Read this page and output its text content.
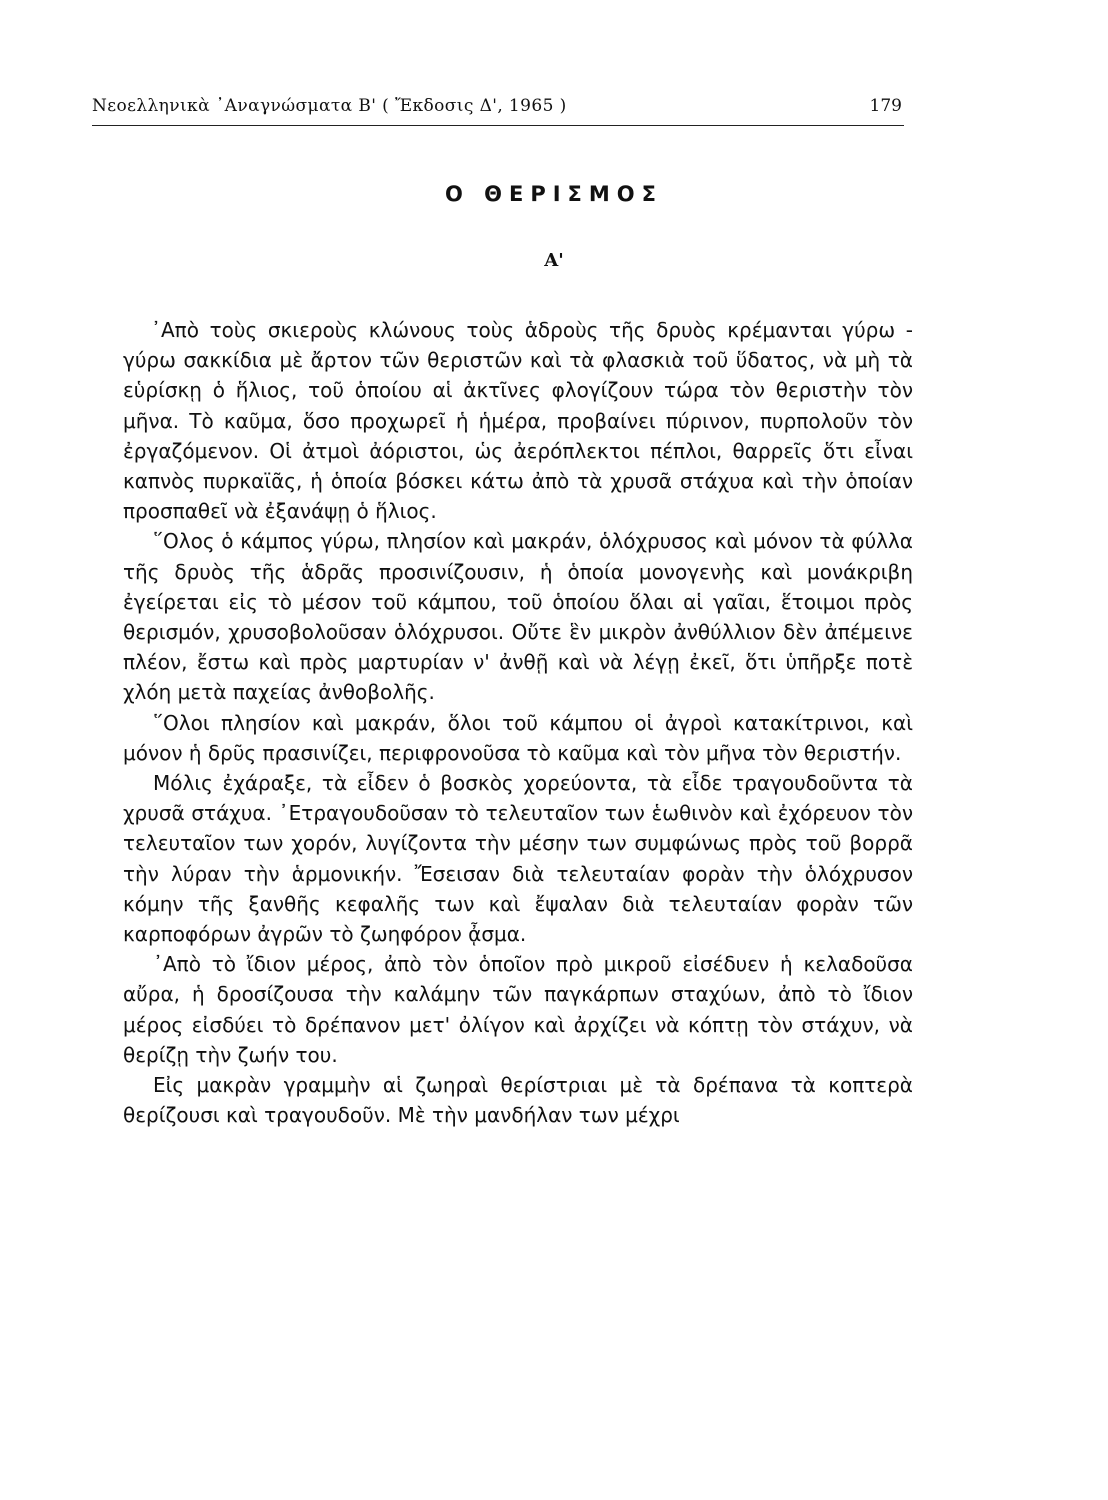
Νεοελληνικὰ ᾿Αναγνώσματα Β' ( Ἔκδοσις Δ', 1965 )	179
Ο ΘΕΡΙΣΜΟΣ
Α'

᾿Απὸ τοὺς σκιεροὺς κλώνους τοὺς ἁδροὺς τῆς δρυὸς κρέμανται γύρω - γύρω σακκίδια μὲ ἄρτον τῶν θεριστῶν καὶ τὰ φλασκιὰ τοῦ ὕδατος, νὰ μὴ τὰ εὑρίσκῃ ὁ ἥλιος, τοῦ ὁποίου αἱ ἀκτῖνες φλογίζουν τώρα τὸν θεριστὴν τὸν μῆνα. Τὸ καῦμα, ὅσο προχωρεῖ ἡ ἡμέρα, προβαίνει πύρινον, πυρπολοῦν τὸν ἐργαζόμενον. Οἱ ἀτμοὶ ἀόριστοι, ὡς ἀερόπλεκτοι πέπλοι, θαρρεῖς ὅτι εἶναι καπνὸς πυρκαϊᾶς, ἡ ὁποία βόσκει κάτω ἀπὸ τὰ χρυσᾶ στάχυα καὶ τὴν ὁποίαν προσπαθεῖ νὰ ἐξανάψῃ ὁ ἥλιος.

῞Ολος ὁ κάμπος γύρω, πλησίον καὶ μακράν, ὁλόχρυσος καὶ μόνον τὰ φύλλα τῆς δρυὸς τῆς ἁδρᾶς προσινίζουσιν, ἡ ὁποία μονογενὴς καὶ μονάκριβη ἐγείρεται εἰς τὸ μέσον τοῦ κάμπου, τοῦ ὁποίου ὅλαι αἱ γαῖαι, ἕτοιμοι πρὸς θερισμόν, χρυσοβολοῦσαν ὁλόχρυσοι. Οὔτε ἓν μικρὸν ἀνθύλλιον δὲν ἀπέμεινε πλέον, ἔστω καὶ πρὸς μαρτυρίαν ν' ἀνθῇ καὶ νὰ λέγῃ ἐκεῖ, ὅτι ὑπῆρξε ποτὲ χλόη μετὰ παχείας ἀνθοβολῆς.

῞Ολοι πλησίον καὶ μακράν, ὅλοι τοῦ κάμπου οἱ ἀγροὶ κατακίτρινοι, καὶ μόνον ἡ δρῦς πρασινίζει, περιφρονοῦσα τὸ καῦμα καὶ τὸν μῆνα τὸν θεριστήν.

Μόλις ἐχάραξε, τὰ εἶδεν ὁ βοσκὸς χορεύοντα, τὰ εἶδε τραγουδοῦντα τὰ χρυσᾶ στάχυα. ᾿Ετραγουδοῦσαν τὸ τελευταῖον των ἑωθινὸν καὶ ἐχόρευον τὸν τελευταῖον των χορόν, λυγίζοντα τὴν μέσην των συμφώνως πρὸς τοῦ βορρᾶ τὴν λύραν τὴν ἁρμονικήν. Ἔσεισαν διὰ τελευταίαν φορὰν τὴν ὁλόχρυσον κόμην τῆς ξανθῆς κεφαλῆς των καὶ ἔψαλαν διὰ τελευταίαν φορὰν τῶν καρποφόρων ἀγρῶν τὸ ζωηφόρον ᾆσμα.

᾿Απὸ τὸ ἴδιον μέρος, ἀπὸ τὸν ὁποῖον πρὸ μικροῦ εἰσέδυεν ἡ κελαδοῦσα αὔρα, ἡ δροσίζουσα τὴν καλάμην τῶν παγκάρπων σταχύων, ἀπὸ τὸ ἴδιον μέρος εἰσδύει τὸ δρέπανον μετ' ὀλίγον καὶ ἀρχίζει νὰ κόπτῃ τὸν στάχυν, νὰ θερίζῃ τὴν ζωήν του.

Εἰς μακρὰν γραμμὴν αἱ ζωηραὶ θερίστριαι μὲ τὰ δρέπανα τὰ κοπτερὰ θερίζουσι καὶ τραγουδοῦν. Μὲ τὴν μανδήλαν των μέχρι
